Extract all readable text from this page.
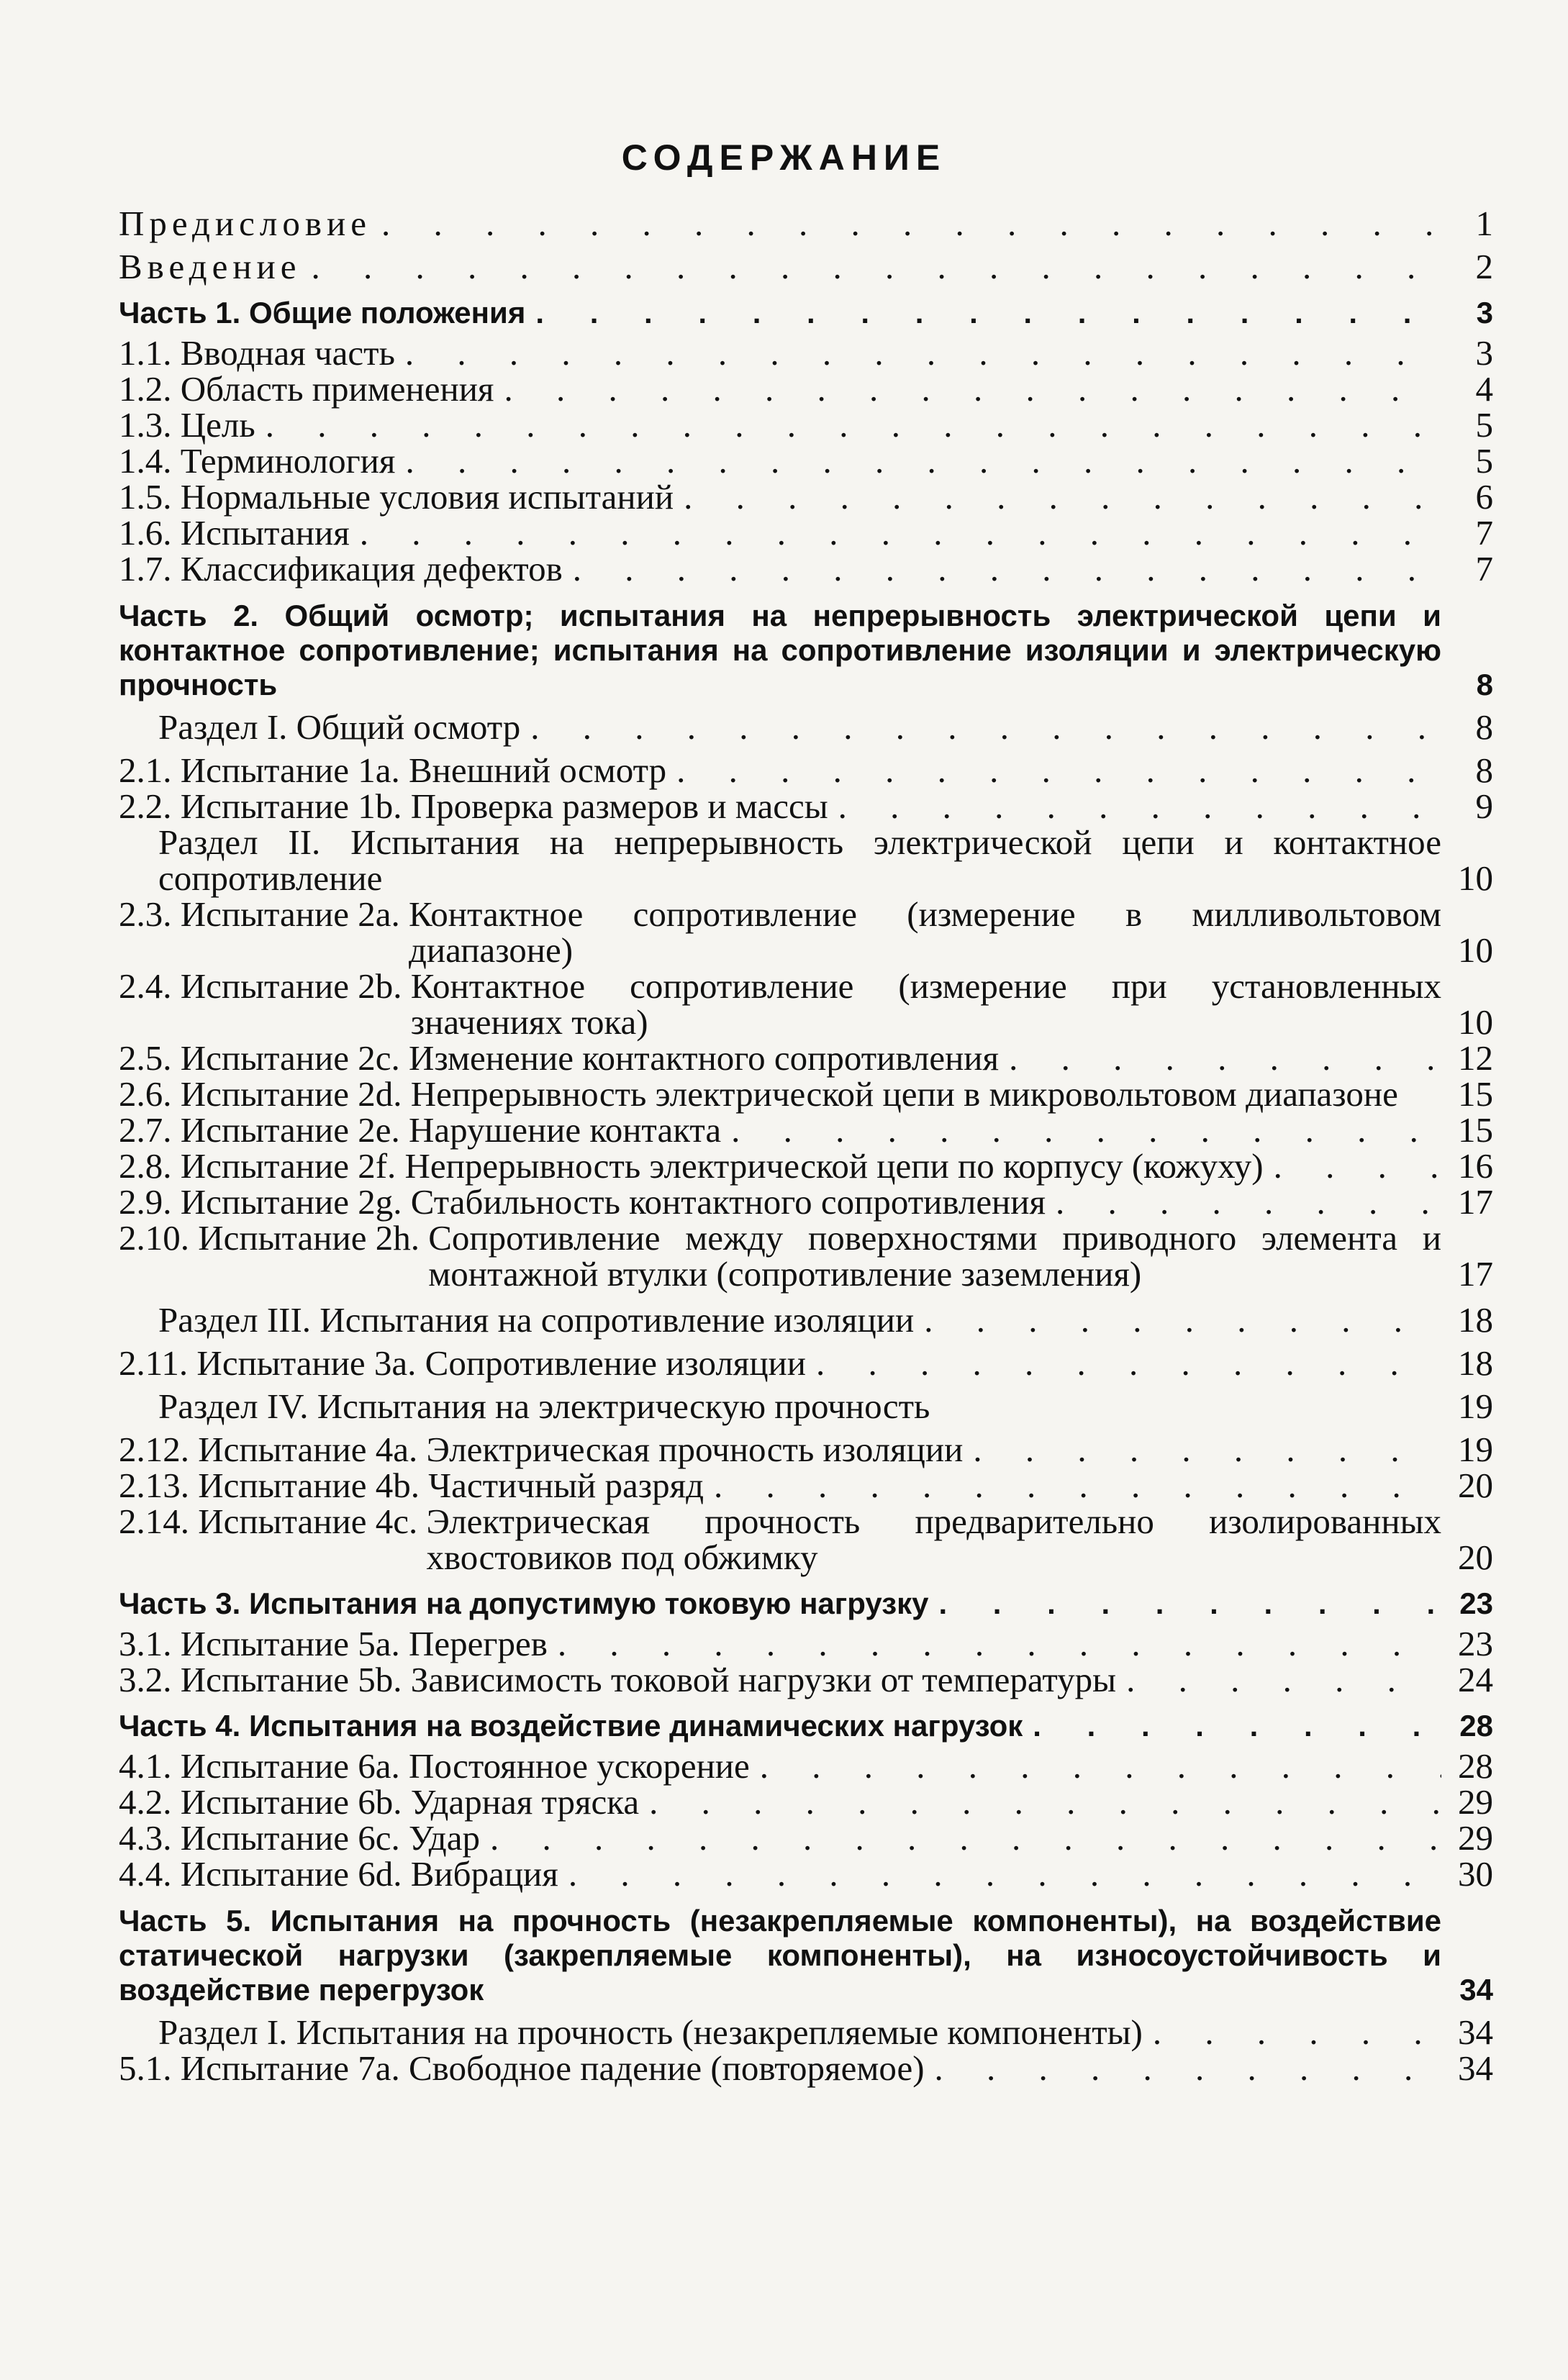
СОДЕРЖАНИЕ
Предисловие . . .	1
Введение . . .	2
Часть 1. Общие положения . . .	3
1.1. Вводная часть . . .	3
1.2. Область применения . . .	4
1.3. Цель . . .	5
1.4. Терминология . . .	5
1.5. Нормальные условия испытаний . . .	6
1.6. Испытания . . .	7
1.7. Классификация дефектов . . .	7
Часть 2. Общий осмотр; испытания на непрерывность электрической цепи и контактное сопротивление; испытания на сопротивление изоляции и электрическую прочность	8
Раздел I. Общий осмотр . . .	8
2.1. Испытание 1a. Внешний осмотр . . .	8
2.2. Испытание 1b. Проверка размеров и массы . . .	9
Раздел II. Испытания на непрерывность электрической цепи и контактное сопротивление	10
2.3. Испытание 2a.
Контактное сопротивление (измерение в милливольтовом диапазоне)	10
2.4. Испытание 2b.
Контактное сопротивление (измерение при установленных значениях тока)	10
2.5. Испытание 2c. Изменение контактного сопротивления . . .	12
2.6. Испытание 2d.
Непрерывность электрической цепи в микровольтовом диапазоне	15
2.7. Испытание 2e. Нарушение контакта . . .	15
2.8. Испытание 2f. Непрерывность электрической цепи по корпусу (кожуху) . . .	16
2.9. Испытание 2g. Стабильность контактного сопротивления . . .	17
2.10. Испытание 2h.
Сопротивление между поверхностями приводного элемента и монтажной втулки (сопротивление заземления)	17
Раздел III. Испытания на сопротивление изоляции . . .	18
2.11. Испытание 3a. Сопротивление изоляции . . .	18
Раздел IV. Испытания на электрическую прочность	19
2.12. Испытание 4a. Электрическая прочность изоляции . . .	19
2.13. Испытание 4b. Частичный разряд . . .	20
2.14. Испытание 4c.
Электрическая прочность предварительно изолированных хвостовиков под обжимку	20
Часть 3. Испытания на допустимую токовую нагрузку . . .	23
3.1. Испытание 5a. Перегрев . . .	23
3.2. Испытание 5b. Зависимость токовой нагрузки от температуры . . .	24
Часть 4. Испытания на воздействие динамических нагрузок . . .	28
4.1. Испытание 6a. Постоянное ускорение . . .	28
4.2. Испытание 6b. Ударная тряска . . .	29
4.3. Испытание 6c. Удар . . .	29
4.4. Испытание 6d. Вибрация . . .	30
Часть 5. Испытания на прочность (незакрепляемые компоненты), на воздействие статической нагрузки (закрепляемые компоненты), на износоустойчивость и воздействие перегрузок	34
Раздел I. Испытания на прочность (незакрепляемые компоненты) . . .	34
5.1. Испытание 7a. Свободное падение (повторяемое) . . .	34
